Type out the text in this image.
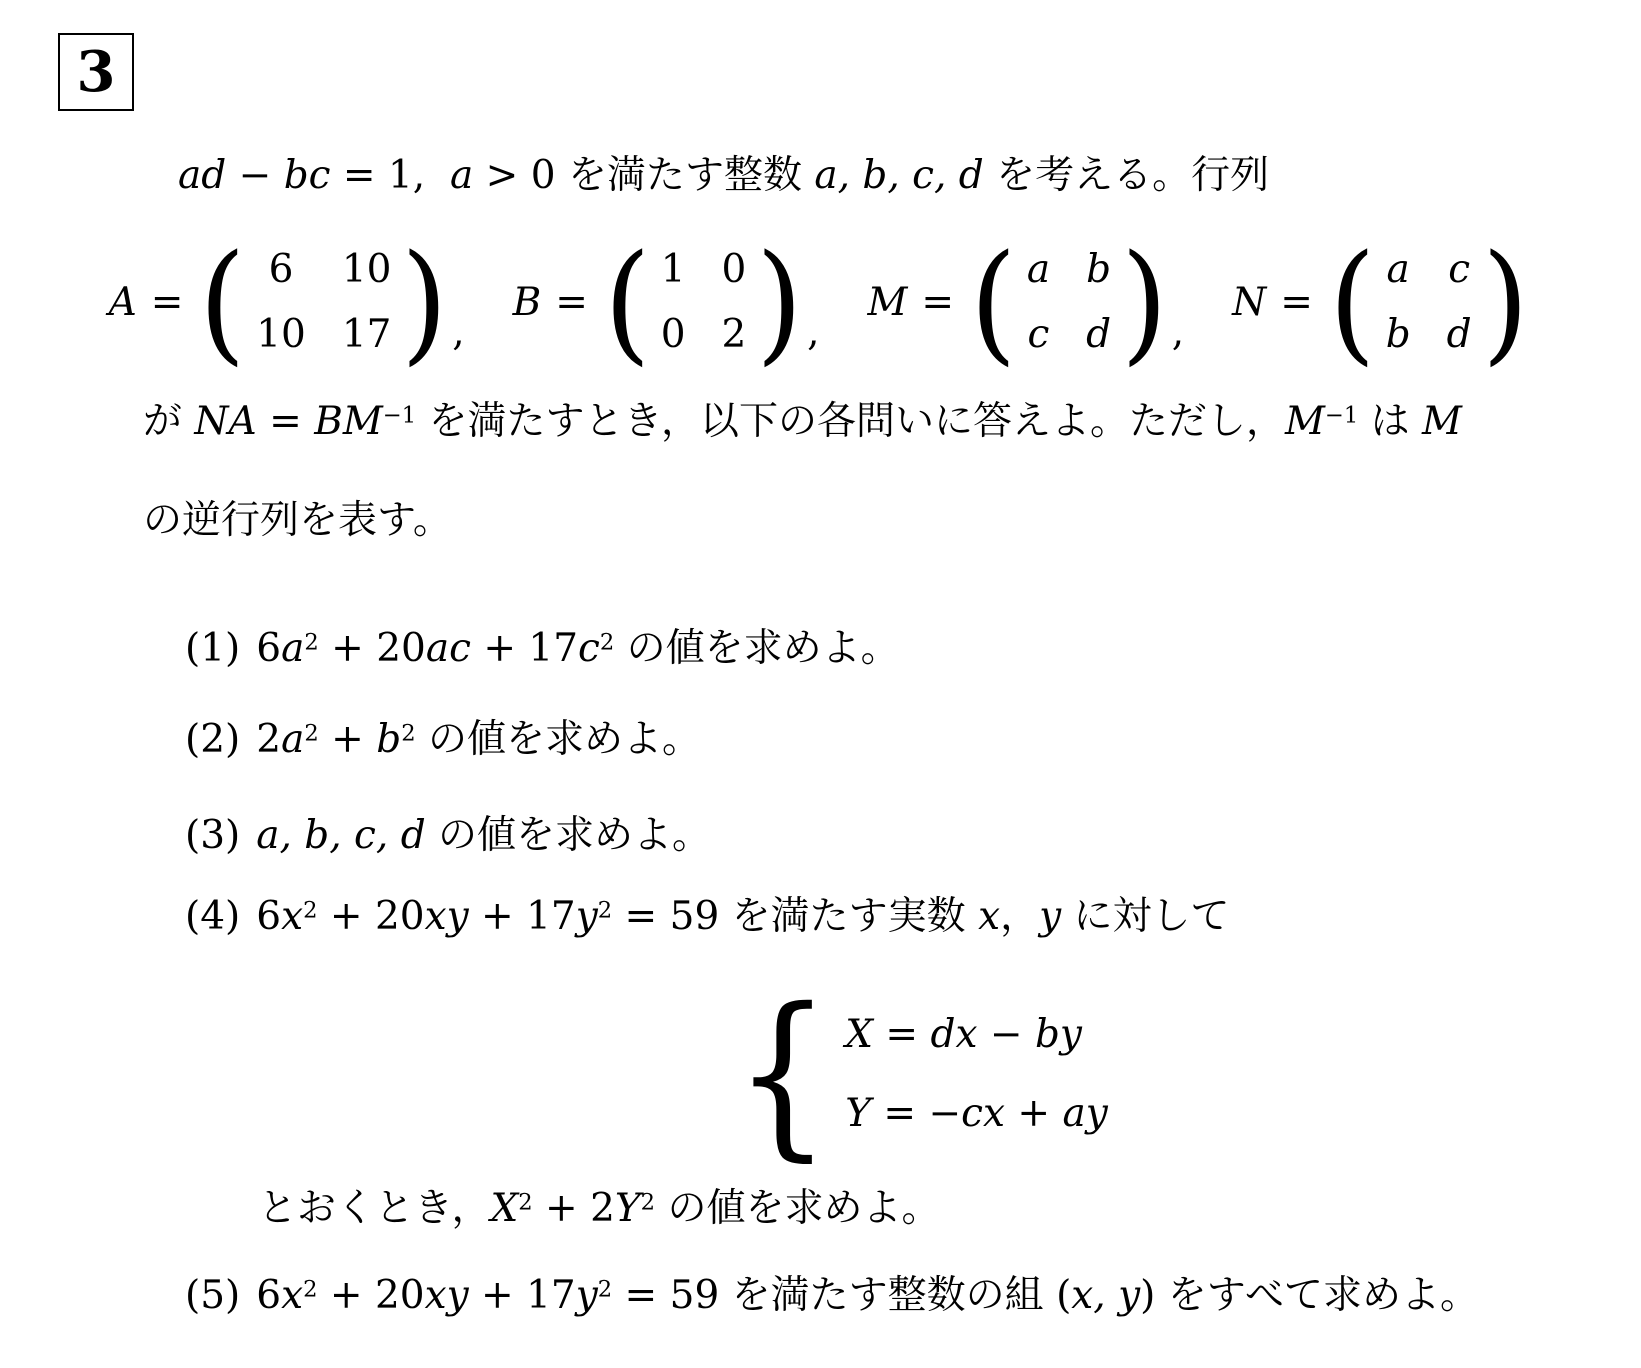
3
ad − bc = 1,  a > 0 を満たす整数 a, b, c, d を考える。行列
A = ( 6	10
10 17 ) ,
B = ( 1 0
0 2 ) ,
M = ( a b
c d ) ,
N = ( a c
b d )
が NA = $BM^{-1}$ を満たすとき，以下の各問いに答えよ。ただし，$M^{-1}$ は M
の逆行列を表す。
(1) $6a^2 + 20ac + 17c^2$ の値を求めよ。
(2) $2a^2 + b^2$ の値を求めよ。
(3) a, b, c, d の値を求めよ。
(4) $6x^2 + 20xy + 17y^2 = 59$ を満たす実数 x，y に対して
{ X = dx − by
Y = −cx + ay
とおくとき，$X^2 + 2Y^2$ の値を求めよ。
(5) $6x^2 + 20xy + 17y^2 = 59$ を満たす整数の組 (x, y) をすべて求めよ。
